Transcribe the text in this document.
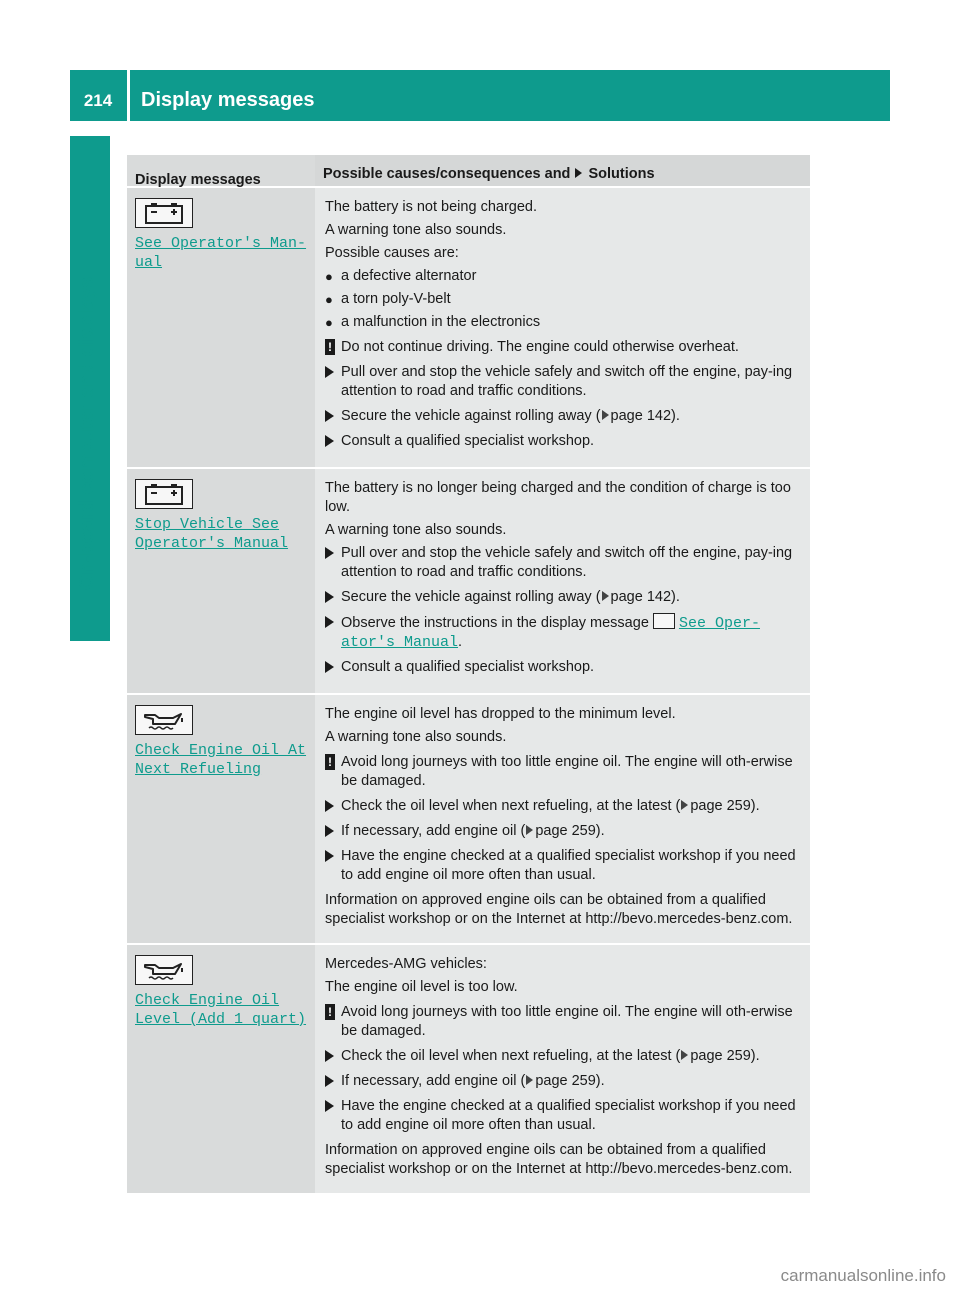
214	Display messages
On-board computer and displays
Display messages	Possible causes/consequences and Solutions
See Operator's Man‐
ual
The battery is not being charged.
A warning tone also sounds.
Possible causes are:
● a defective alternator
● a torn poly-V-belt
● a malfunction in the electronics
! Do not continue driving. The engine could otherwise overheat.
Pull over and stop the vehicle safely and switch off the engine, pay-ing attention to road and traffic conditions.
Secure the vehicle against rolling away ( page 142).
Consult a qualified specialist workshop.
Stop Vehicle See
Operator's Manual
The battery is no longer being charged and the condition of charge is too low.
A warning tone also sounds.
Pull over and stop the vehicle safely and switch off the engine, pay-ing attention to road and traffic conditions.
Secure the vehicle against rolling away ( page 142).
Observe the instructions in the display message See Oper‐ator's Manual.
Consult a qualified specialist workshop.
Check Engine Oil At
Next Refueling
The engine oil level has dropped to the minimum level.
A warning tone also sounds.
! Avoid long journeys with too little engine oil. The engine will oth-erwise be damaged.
Check the oil level when next refueling, at the latest ( page 259).
If necessary, add engine oil ( page 259).
Have the engine checked at a qualified specialist workshop if you need to add engine oil more often than usual.
Information on approved engine oils can be obtained from a qualified specialist workshop or on the Internet at http://bevo.mercedes-benz.com.
Check Engine Oil
Level (Add 1 quart)
Mercedes-AMG vehicles:
The engine oil level is too low.
! Avoid long journeys with too little engine oil. The engine will oth-erwise be damaged.
Check the oil level when next refueling, at the latest ( page 259).
If necessary, add engine oil ( page 259).
Have the engine checked at a qualified specialist workshop if you need to add engine oil more often than usual.
Information on approved engine oils can be obtained from a qualified specialist workshop or on the Internet at http://bevo.mercedes-benz.com.
carmanualsonline.info
